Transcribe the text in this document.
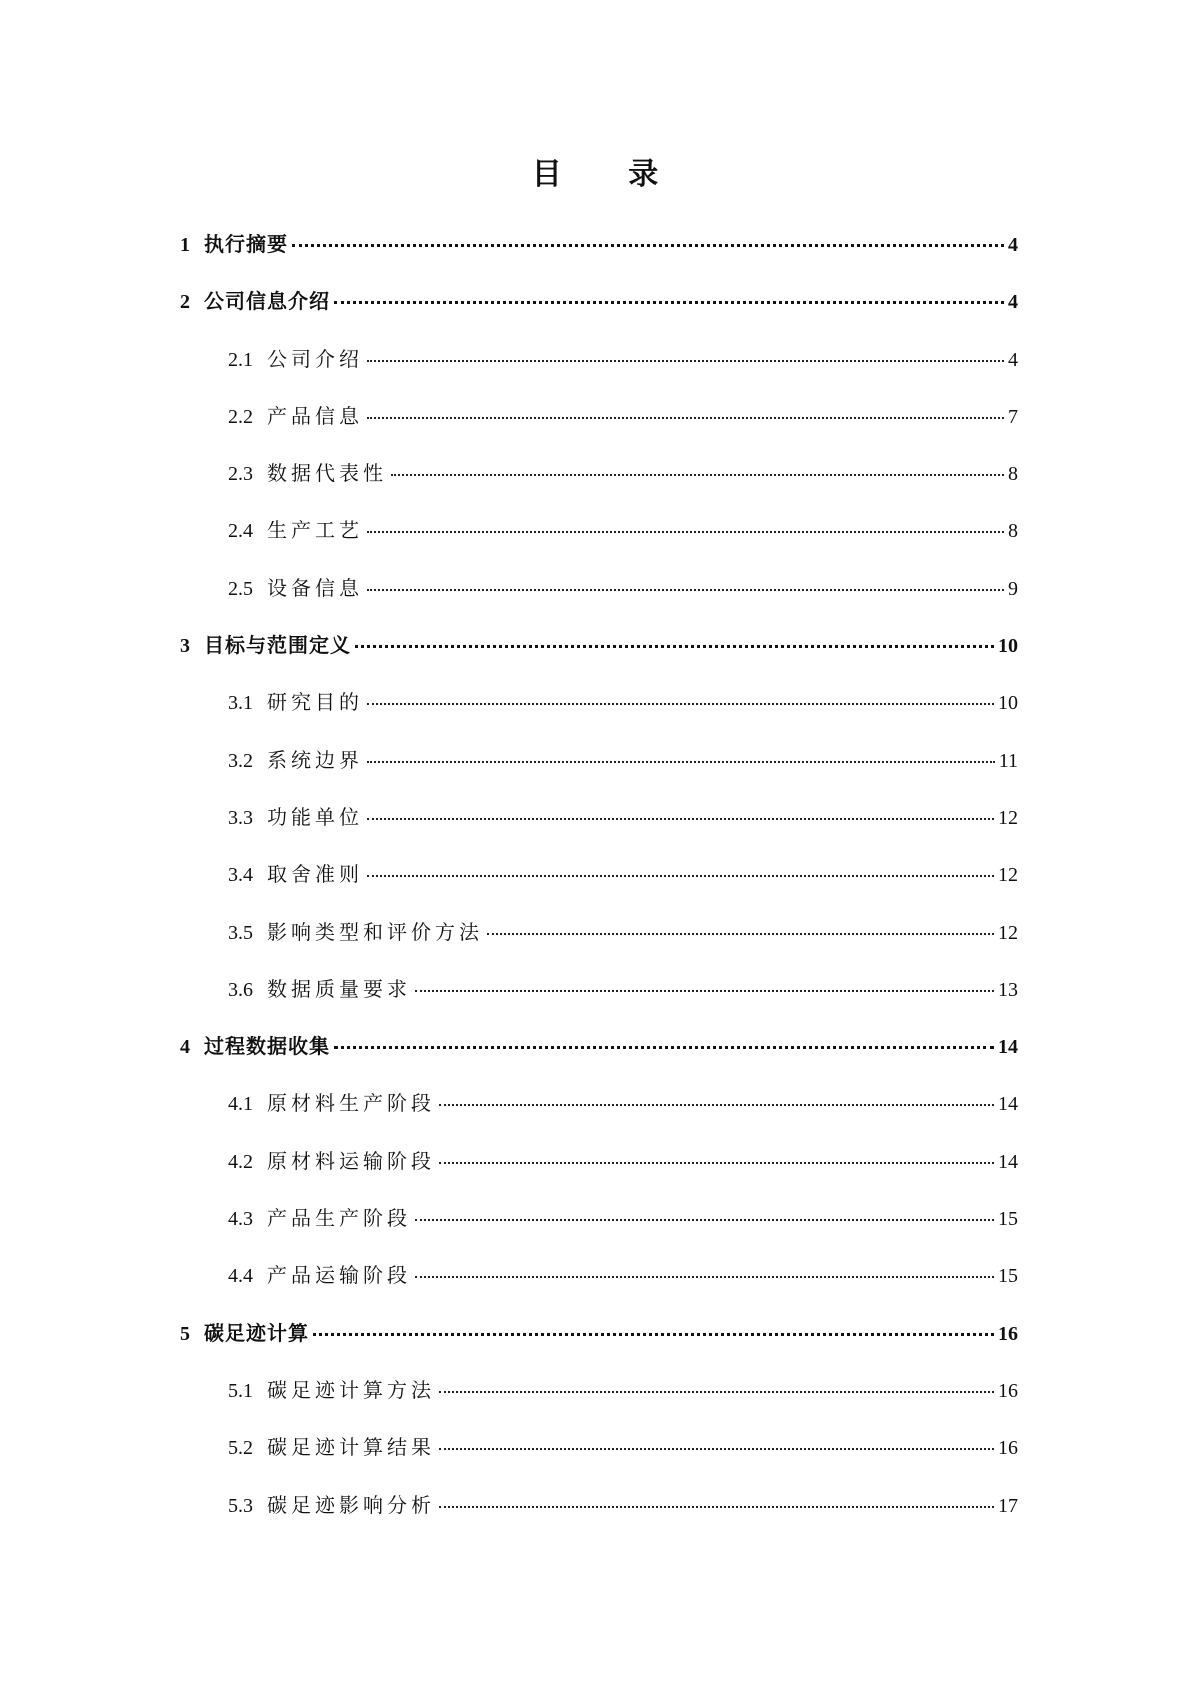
目 录
1 执行摘要	4
2 公司信息介绍	4
2.1 公司介绍	4
2.2 产品信息	7
2.3 数据代表性	8
2.4 生产工艺	8
2.5 设备信息	9
3 目标与范围定义	10
3.1 研究目的	10
3.2 系统边界	11
3.3 功能单位	12
3.4 取舍准则	12
3.5 影响类型和评价方法	12
3.6 数据质量要求	13
4 过程数据收集	14
4.1 原材料生产阶段	14
4.2 原材料运输阶段	14
4.3 产品生产阶段	15
4.4 产品运输阶段	15
5 碳足迹计算	16
5.1 碳足迹计算方法	16
5.2 碳足迹计算结果	16
5.3 碳足迹影响分析	17
